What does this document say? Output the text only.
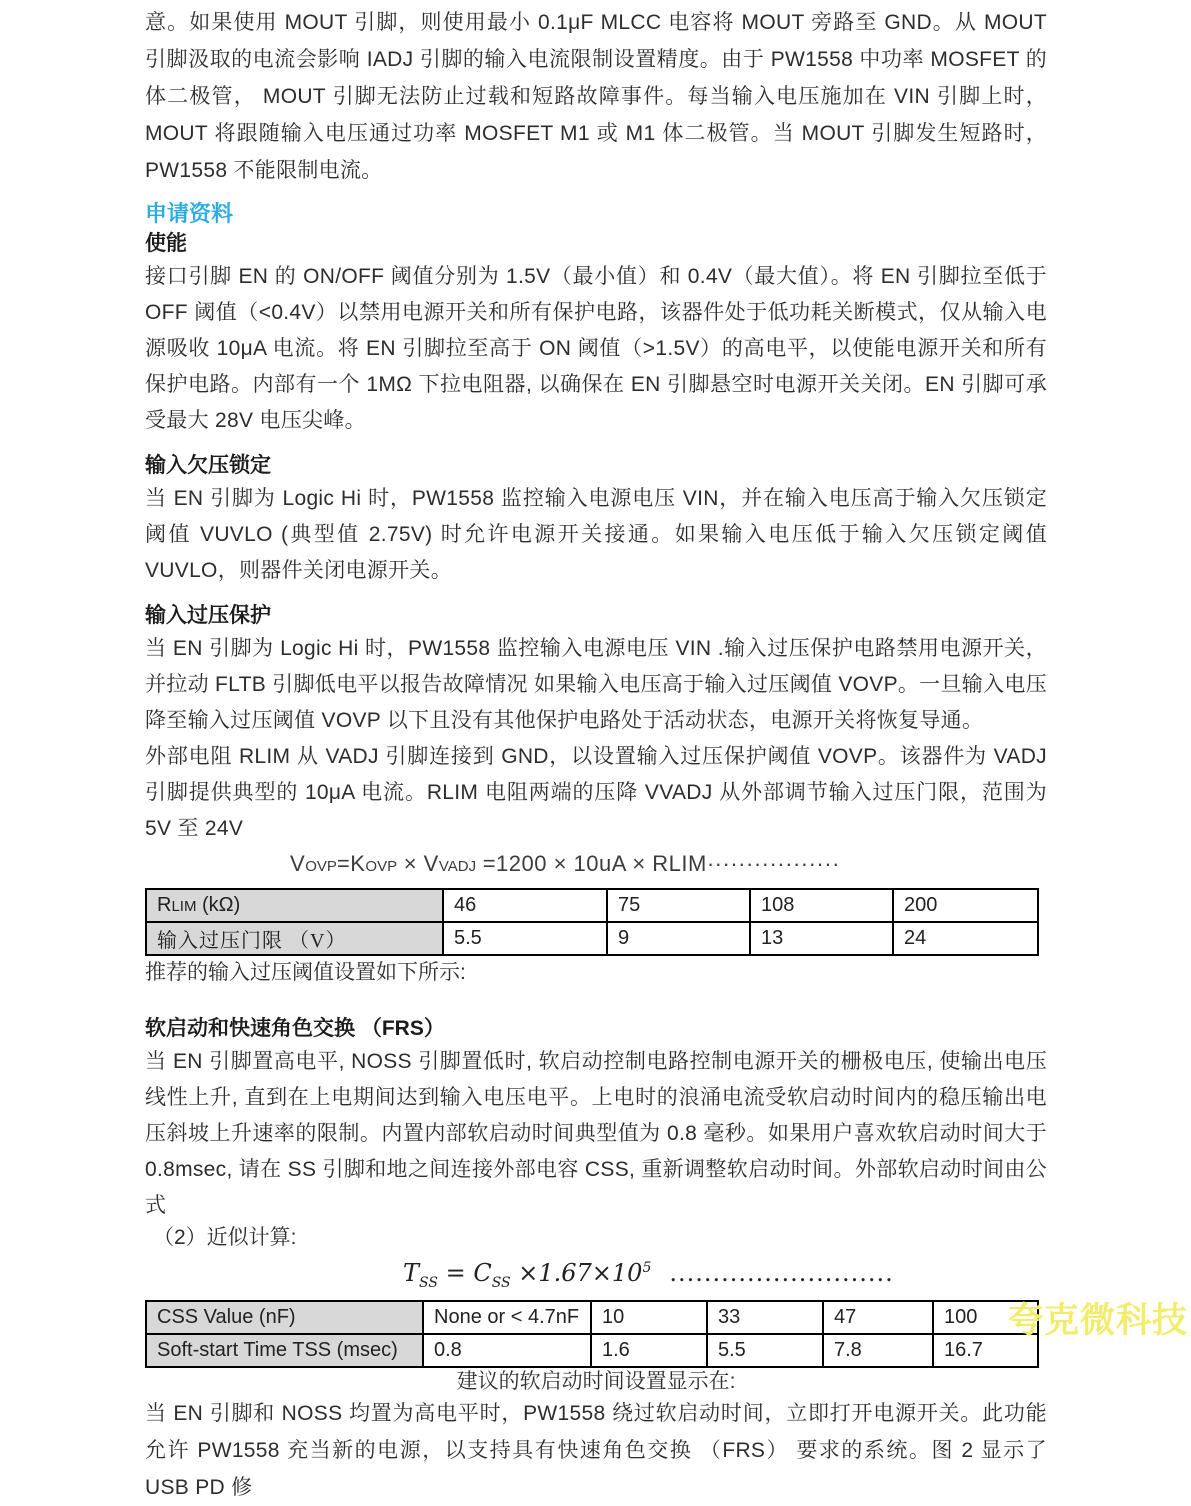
意。如果使用 MOUT 引脚，则使用最小 0.1μF MLCC 电容将 MOUT 旁路至 GND。从 MOUT 引脚汲取的电流会影响 IADJ 引脚的输入电流限制设置精度。由于 PW1558 中功率 MOSFET 的体二极管， MOUT 引脚无法防止过载和短路故障事件。每当输入电压施加在 VIN 引脚上时， MOUT 将跟随输入电压通过功率 MOSFET M1 或 M1 体二极管。当 MOUT 引脚发生短路时， PW1558 不能限制电流。

申请资料
使能

接口引脚 EN 的 ON/OFF 阈值分别为 1.5V（最小值）和 0.4V（最大值）。将 EN 引脚拉至低于 OFF 阈值（<0.4V）以禁用电源开关和所有保护电路，该器件处于低功耗关断模式，仅从输入电源吸收 10μA 电流。将 EN 引脚拉至高于 ON 阈值（>1.5V）的高电平，以使能电源开关和所有保护电路。内部有一个 1MΩ 下拉电阻器, 以确保在 EN 引脚悬空时电源开关关闭。EN 引脚可承受最大 28V 电压尖峰。

输入欠压锁定

当 EN 引脚为 Logic Hi 时，PW1558 监控输入电源电压 VIN，并在输入电压高于输入欠压锁定阈值 VUVLO (典型值 2.75V) 时允许电源开关接通。如果输入电压低于输入欠压锁定阈值 VUVLO，则器件关闭电源开关。

输入过压保护

当 EN 引脚为 Logic Hi 时，PW1558 监控输入电源电压 VIN .输入过压保护电路禁用电源开关，并拉动 FLTB 引脚低电平以报告故障情况 如果输入电压高于输入过压阈值 VOVP。一旦输入电压降至输入过压阈值 VOVP 以下且没有其他保护电路处于活动状态，电源开关将恢复导通。

外部电阻 RLIM 从 VADJ 引脚连接到 GND，以设置输入过压保护阈值 VOVP。该器件为 VADJ 引脚提供典型的 10μA 电流。RLIM 电阻两端的压降 VVADJ 从外部调节输入过压门限，范围为 5V 至 24V

VOVP=KOVP × VVADJ =1200 × 10uA × RLIM·················
RLIM (kΩ)	46	75	108	200
输入过压门限 （V）	5.5	9	13	24

推荐的输入过压阈值设置如下所示:

软启动和快速角色交换 （FRS）

当 EN 引脚置高电平, NOSS 引脚置低时, 软启动控制电路控制电源开关的栅极电压, 使输出电压线性上升, 直到在上电期间达到输入电压电平。上电时的浪涌电流受软启动时间内的稳压输出电压斜坡上升速率的限制。内置内部软启动时间典型值为 0.8 毫秒。如果用户喜欢软启动时间大于 0.8msec, 请在 SS 引脚和地之间连接外部电容 CSS, 重新调整软启动时间。外部软启动时间由公式

（2）近似计算:

$T_{SS} = C_{SS} \times 1.67\times 10^5$ ..........................
CSS Value (nF)	None or < 4.7nF	10	33	47	100
Soft-start Time TSS (msec)	0.8	1.6	5.5	7.8	16.7

建议的软启动时间设置显示在:

当 EN 引脚和 NOSS 均置为高电平时，PW1558 绕过软启动时间，立即打开电源开关。此功能允许 PW1558 充当新的电源，以支持具有快速角色交换 （FRS） 要求的系统。图 2 显示了 USB PD 修

夸克微科技
